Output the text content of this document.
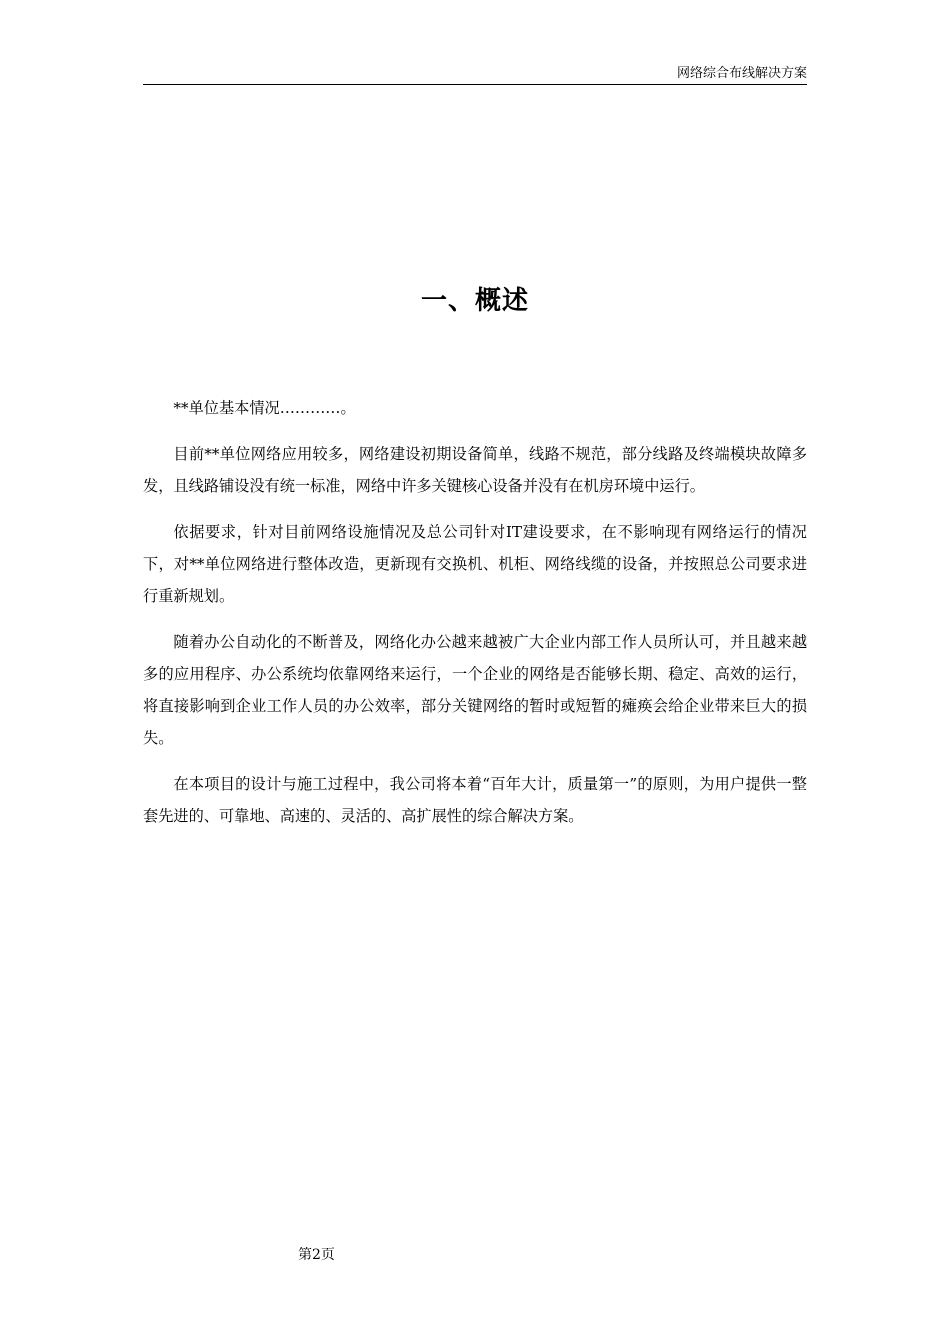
网络综合布线解决方案
一、概述

**单位基本情况…………。

目前**单位网络应用较多，网络建设初期设备简单，线路不规范，部分线路及终端模块故障多发，且线路铺设没有统一标准，网络中许多关键核心设备并没有在机房环境中运行。

依据要求，针对目前网络设施情况及总公司针对IT建设要求，在不影响现有网络运行的情况下，对**单位网络进行整体改造，更新现有交换机、机柜、网络线缆的设备，并按照总公司要求进行重新规划。

随着办公自动化的不断普及，网络化办公越来越被广大企业内部工作人员所认可，并且越来越多的应用程序、办公系统均依靠网络来运行，一个企业的网络是否能够长期、稳定、高效的运行，将直接影响到企业工作人员的办公效率，部分关键网络的暂时或短暂的瘫痪会给企业带来巨大的损失。

在本项目的设计与施工过程中，我公司将本着“百年大计，质量第一”的原则，为用户提供一整套先进的、可靠地、高速的、灵活的、高扩展性的综合解决方案。

第2页
